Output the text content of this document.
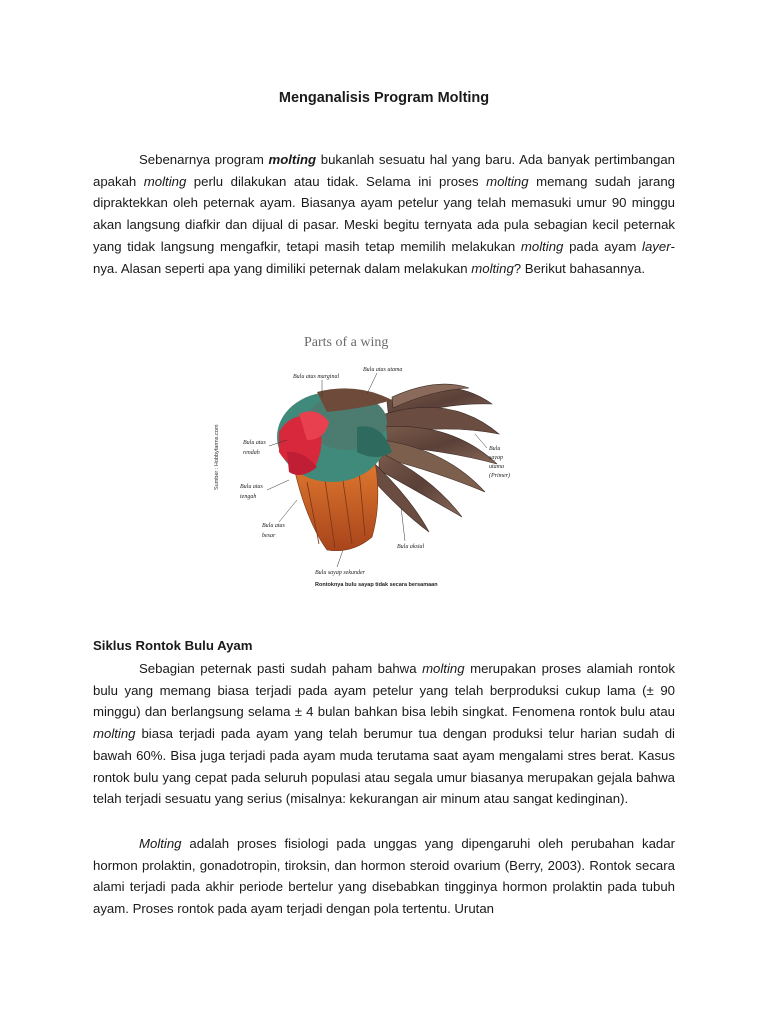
Menganalisis Program Molting

Sebenarnya program molting bukanlah sesuatu hal yang baru. Ada banyak pertimbangan apakah molting perlu dilakukan atau tidak. Selama ini proses molting memang sudah jarang dipraktekkan oleh peternak ayam. Biasanya ayam petelur yang telah memasuki umur 90 minggu akan langsung diafkir dan dijual di pasar. Meski begitu ternyata ada pula sebagian kecil peternak yang tidak langsung mengafkir, tetapi masih tetap memilih melakukan molting pada ayam layer-nya. Alasan seperti apa yang dimiliki peternak dalam melakukan molting? Berikut bahasannya.

Parts of a wing
Sumber : Hobbyfarms.com
Bulu atas marginal
Bulu atas utama
Bulu atas
rendah
Bulu atas
tengah
Bulu atas
besar
Bulu
sayap
utama
(Primer)
Bulu aksial
Bulu sayap sekunder
Rontoknya bulu sayap tidak secara bersamaan
Siklus Rontok Bulu Ayam

Sebagian peternak pasti sudah paham bahwa molting merupakan proses alamiah rontok bulu yang memang biasa terjadi pada ayam petelur yang telah berproduksi cukup lama (± 90 minggu) dan berlangsung selama ± 4 bulan bahkan bisa lebih singkat. Fenomena rontok bulu atau molting biasa terjadi pada ayam yang telah berumur tua dengan produksi telur harian sudah di bawah 60%. Bisa juga terjadi pada ayam muda terutama saat ayam mengalami stres berat. Kasus rontok bulu yang cepat pada seluruh populasi atau segala umur biasanya merupakan gejala bahwa telah terjadi sesuatu yang serius (misalnya: kekurangan air minum atau sangat kedinginan).

Molting adalah proses fisiologi pada unggas yang dipengaruhi oleh perubahan kadar hormon prolaktin, gonadotropin, tiroksin, dan hormon steroid ovarium (Berry, 2003). Rontok secara alami terjadi pada akhir periode bertelur yang disebabkan tingginya hormon prolaktin pada tubuh ayam. Proses rontok pada ayam terjadi dengan pola tertentu. Urutan
